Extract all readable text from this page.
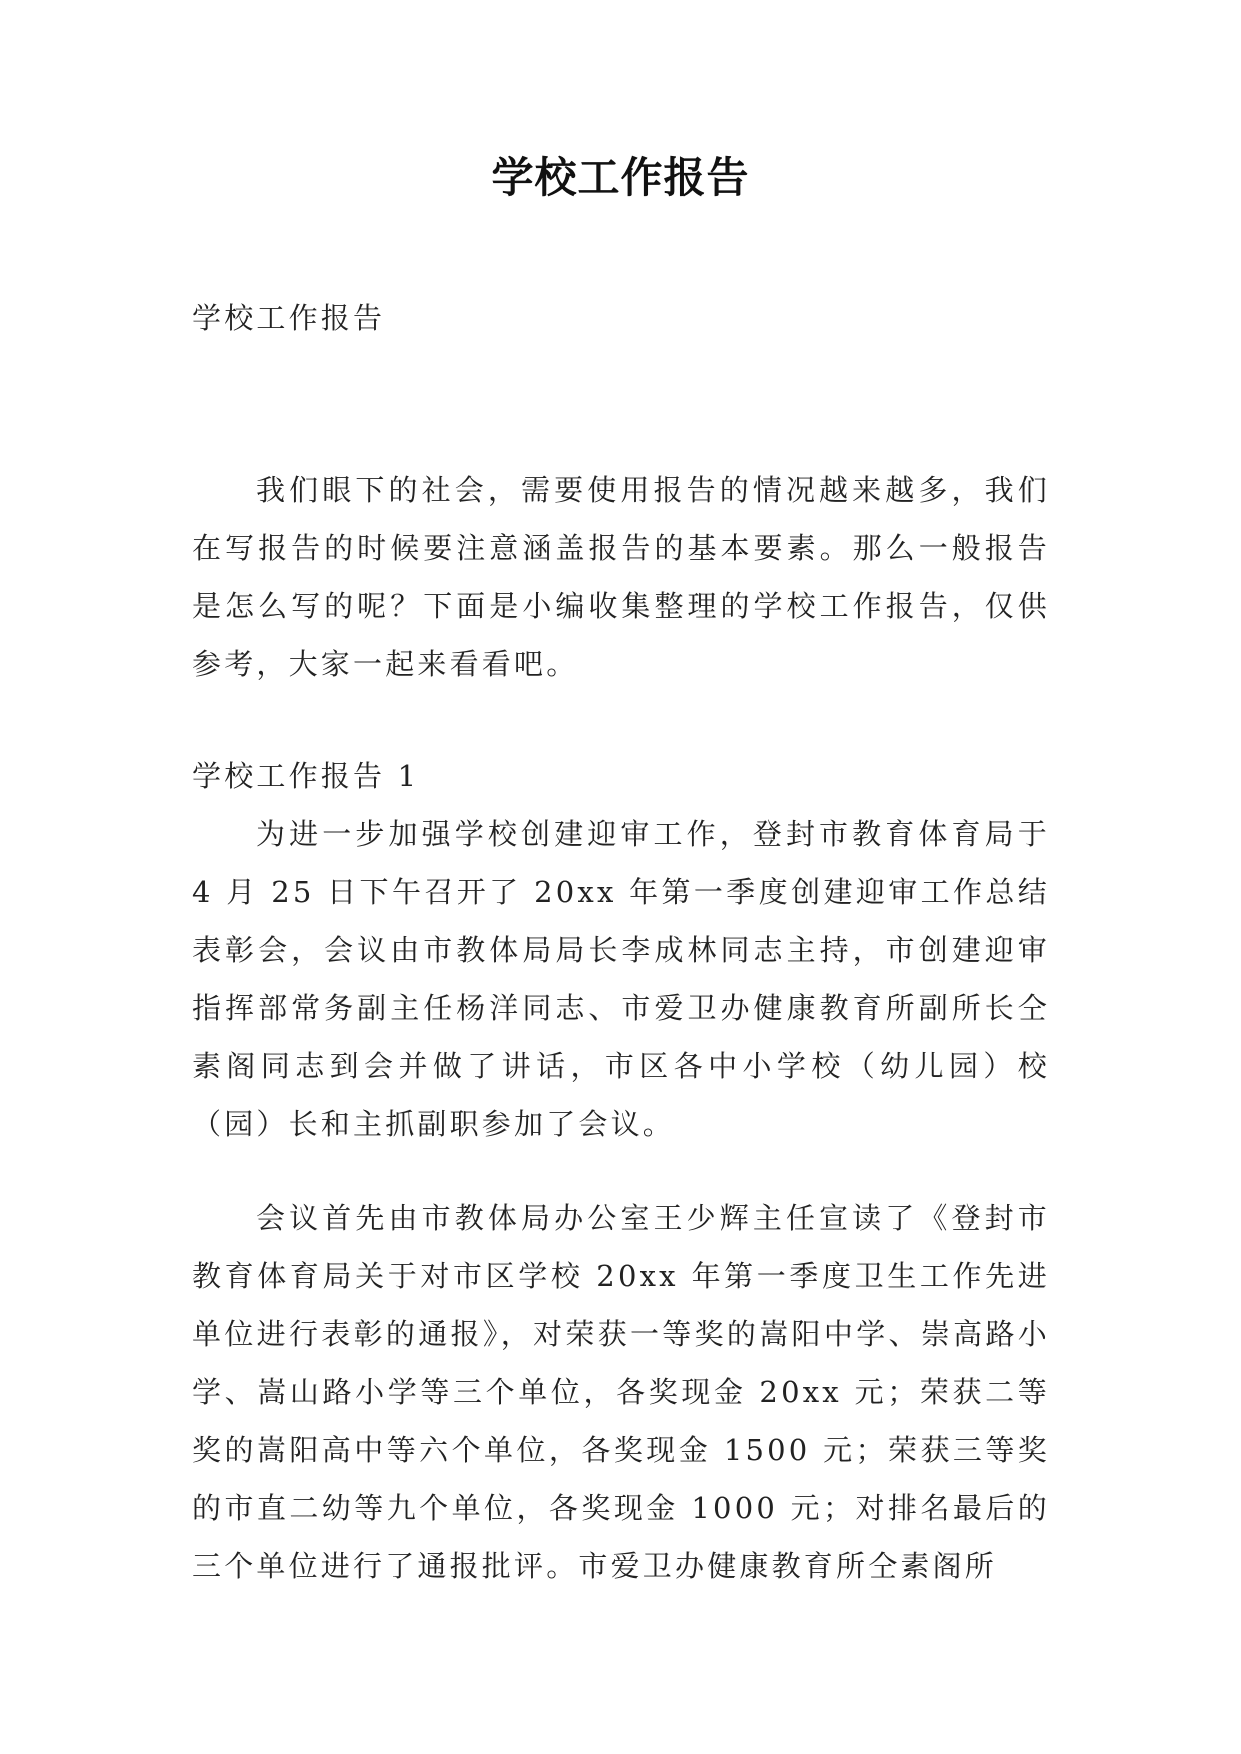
学校工作报告

学校工作报告

我们眼下的社会，需要使用报告的情况越来越多，我们在写报告的时候要注意涵盖报告的基本要素。那么一般报告是怎么写的呢？下面是小编收集整理的学校工作报告，仅供参考，大家一起来看看吧。

学校工作报告 1

为进一步加强学校创建迎审工作，登封市教育体育局于 4 月 25 日下午召开了 20xx 年第一季度创建迎审工作总结表彰会，会议由市教体局局长李成林同志主持，市创建迎审指挥部常务副主任杨洋同志、市爱卫办健康教育所副所长仝素阁同志到会并做了讲话，市区各中小学校（幼儿园）校（园）长和主抓副职参加了会议。

会议首先由市教体局办公室王少辉主任宣读了《登封市教育体育局关于对市区学校 20xx 年第一季度卫生工作先进单位进行表彰的通报》，对荣获一等奖的嵩阳中学、崇高路小学、嵩山路小学等三个单位，各奖现金 20xx 元；荣获二等奖的嵩阳高中等六个单位，各奖现金 1500 元；荣获三等奖的市直二幼等九个单位，各奖现金 1000 元；对排名最后的三个单位进行了通报批评。市爱卫办健康教育所仝素阁所
